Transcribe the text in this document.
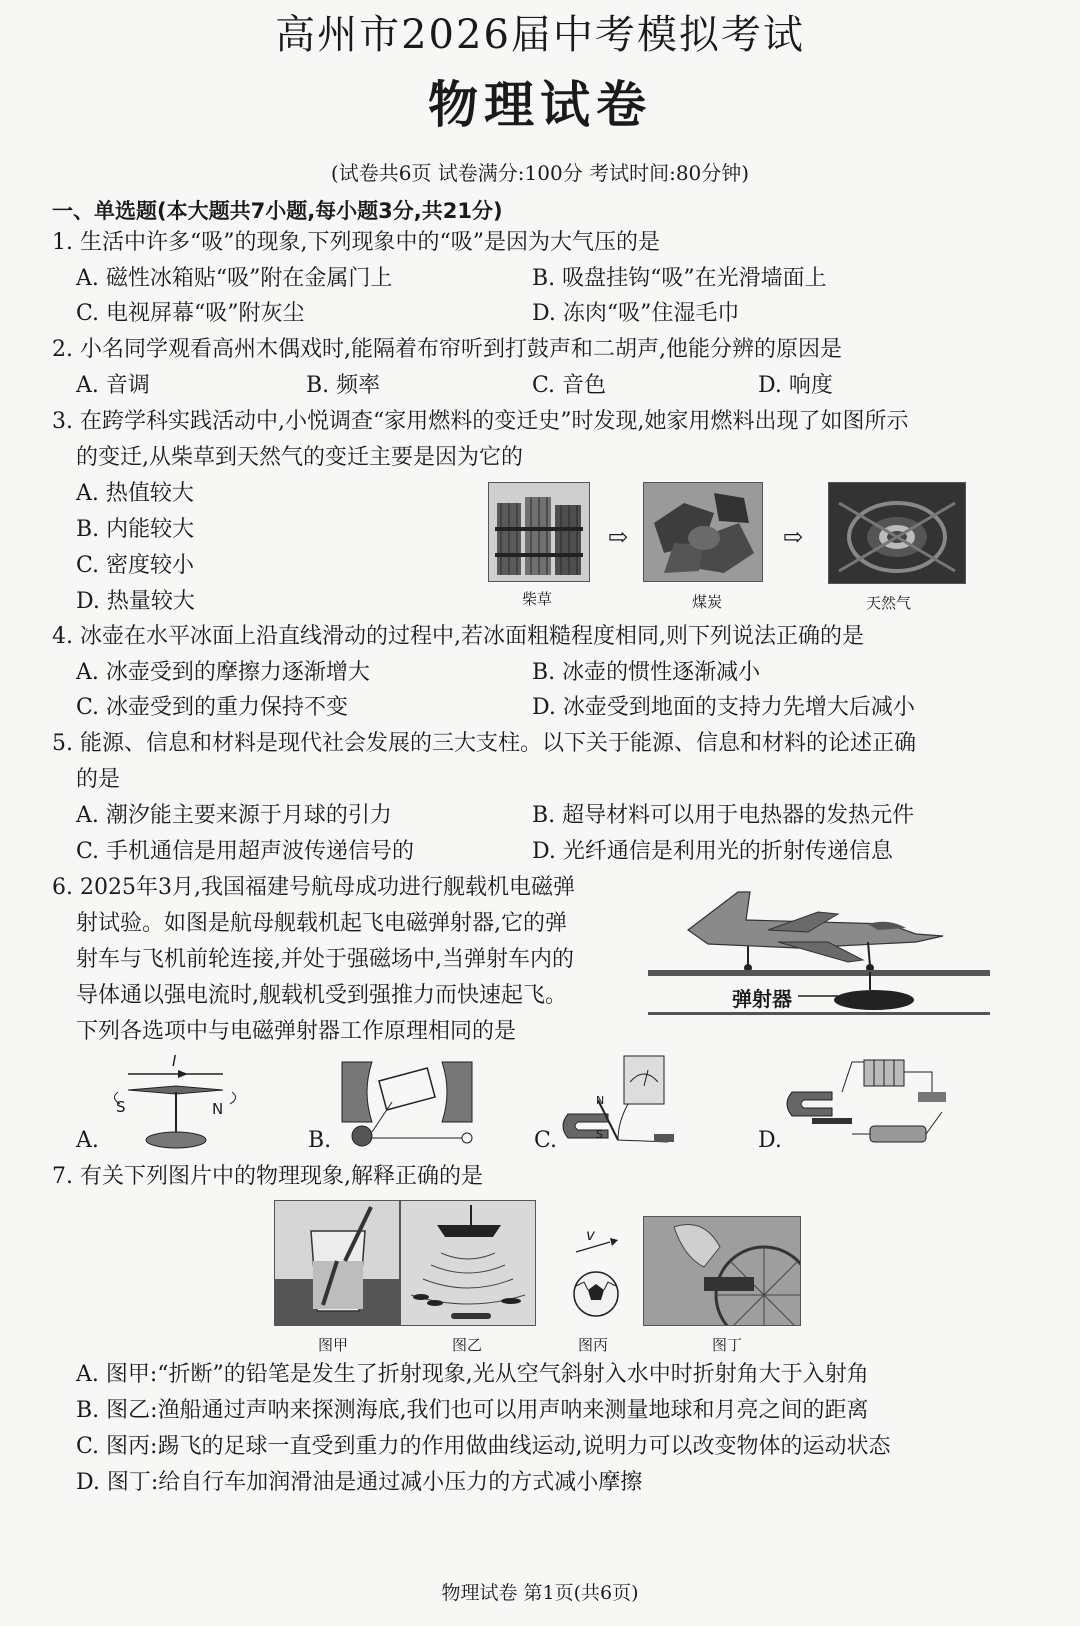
高州市2026届中考模拟考试
物理试卷
(试卷共6页 试卷满分:100分 考试时间:80分钟)
一、单选题(本大题共7小题,每小题3分,共21分)
1. 生活中许多“吸”的现象,下列现象中的“吸”是因为大气压的是
A. 磁性冰箱贴“吸”附在金属门上	B. 吸盘挂钩“吸”在光滑墙面上
C. 电视屏幕“吸”附灰尘	D. 冻肉“吸”住湿毛巾
2. 小名同学观看高州木偶戏时,能隔着布帘听到打鼓声和二胡声,他能分辨的原因是
A. 音调	B. 频率	C. 音色	D. 响度
3. 在跨学科实践活动中,小悦调查“家用燃料的变迁史”时发现,她家用燃料出现了如图所示
的变迁,从柴草到天然气的变迁主要是因为它的
A. 热值较大
B. 内能较大
C. 密度较小
D. 热量较大	柴草
⇨
煤炭
⇨
天然气
4. 冰壶在水平冰面上沿直线滑动的过程中,若冰面粗糙程度相同,则下列说法正确的是
A. 冰壶受到的摩擦力逐渐增大	B. 冰壶的惯性逐渐减小
C. 冰壶受到的重力保持不变	D. 冰壶受到地面的支持力先增大后减小
5. 能源、信息和材料是现代社会发展的三大支柱。以下关于能源、信息和材料的论述正确
的是
A. 潮汐能主要来源于月球的引力	B. 超导材料可以用于电热器的发热元件
C. 手机通信是用超声波传递信号的	D. 光纤通信是利用光的折射传递信息
6. 2025年3月,我国福建号航母成功进行舰载机电磁弹
射试验。如图是航母舰载机起飞电磁弹射器,它的弹
射车与飞机前轮连接,并处于强磁场中,当弹射车内的
导体通以强电流时,舰载机受到强推力而快速起飞。
下列各选项中与电磁弹射器工作原理相同的是
弹射器
A.
I
S	N
B.	C.
N
S	D.
7. 有关下列图片中的物理现象,解释正确的是
图甲	图乙
v
图丙	图丁
A. 图甲:“折断”的铅笔是发生了折射现象,光从空气斜射入水中时折射角大于入射角
B. 图乙:渔船通过声呐来探测海底,我们也可以用声呐来测量地球和月亮之间的距离
C. 图丙:踢飞的足球一直受到重力的作用做曲线运动,说明力可以改变物体的运动状态
D. 图丁:给自行车加润滑油是通过减小压力的方式减小摩擦
物理试卷 第1页(共6页)
